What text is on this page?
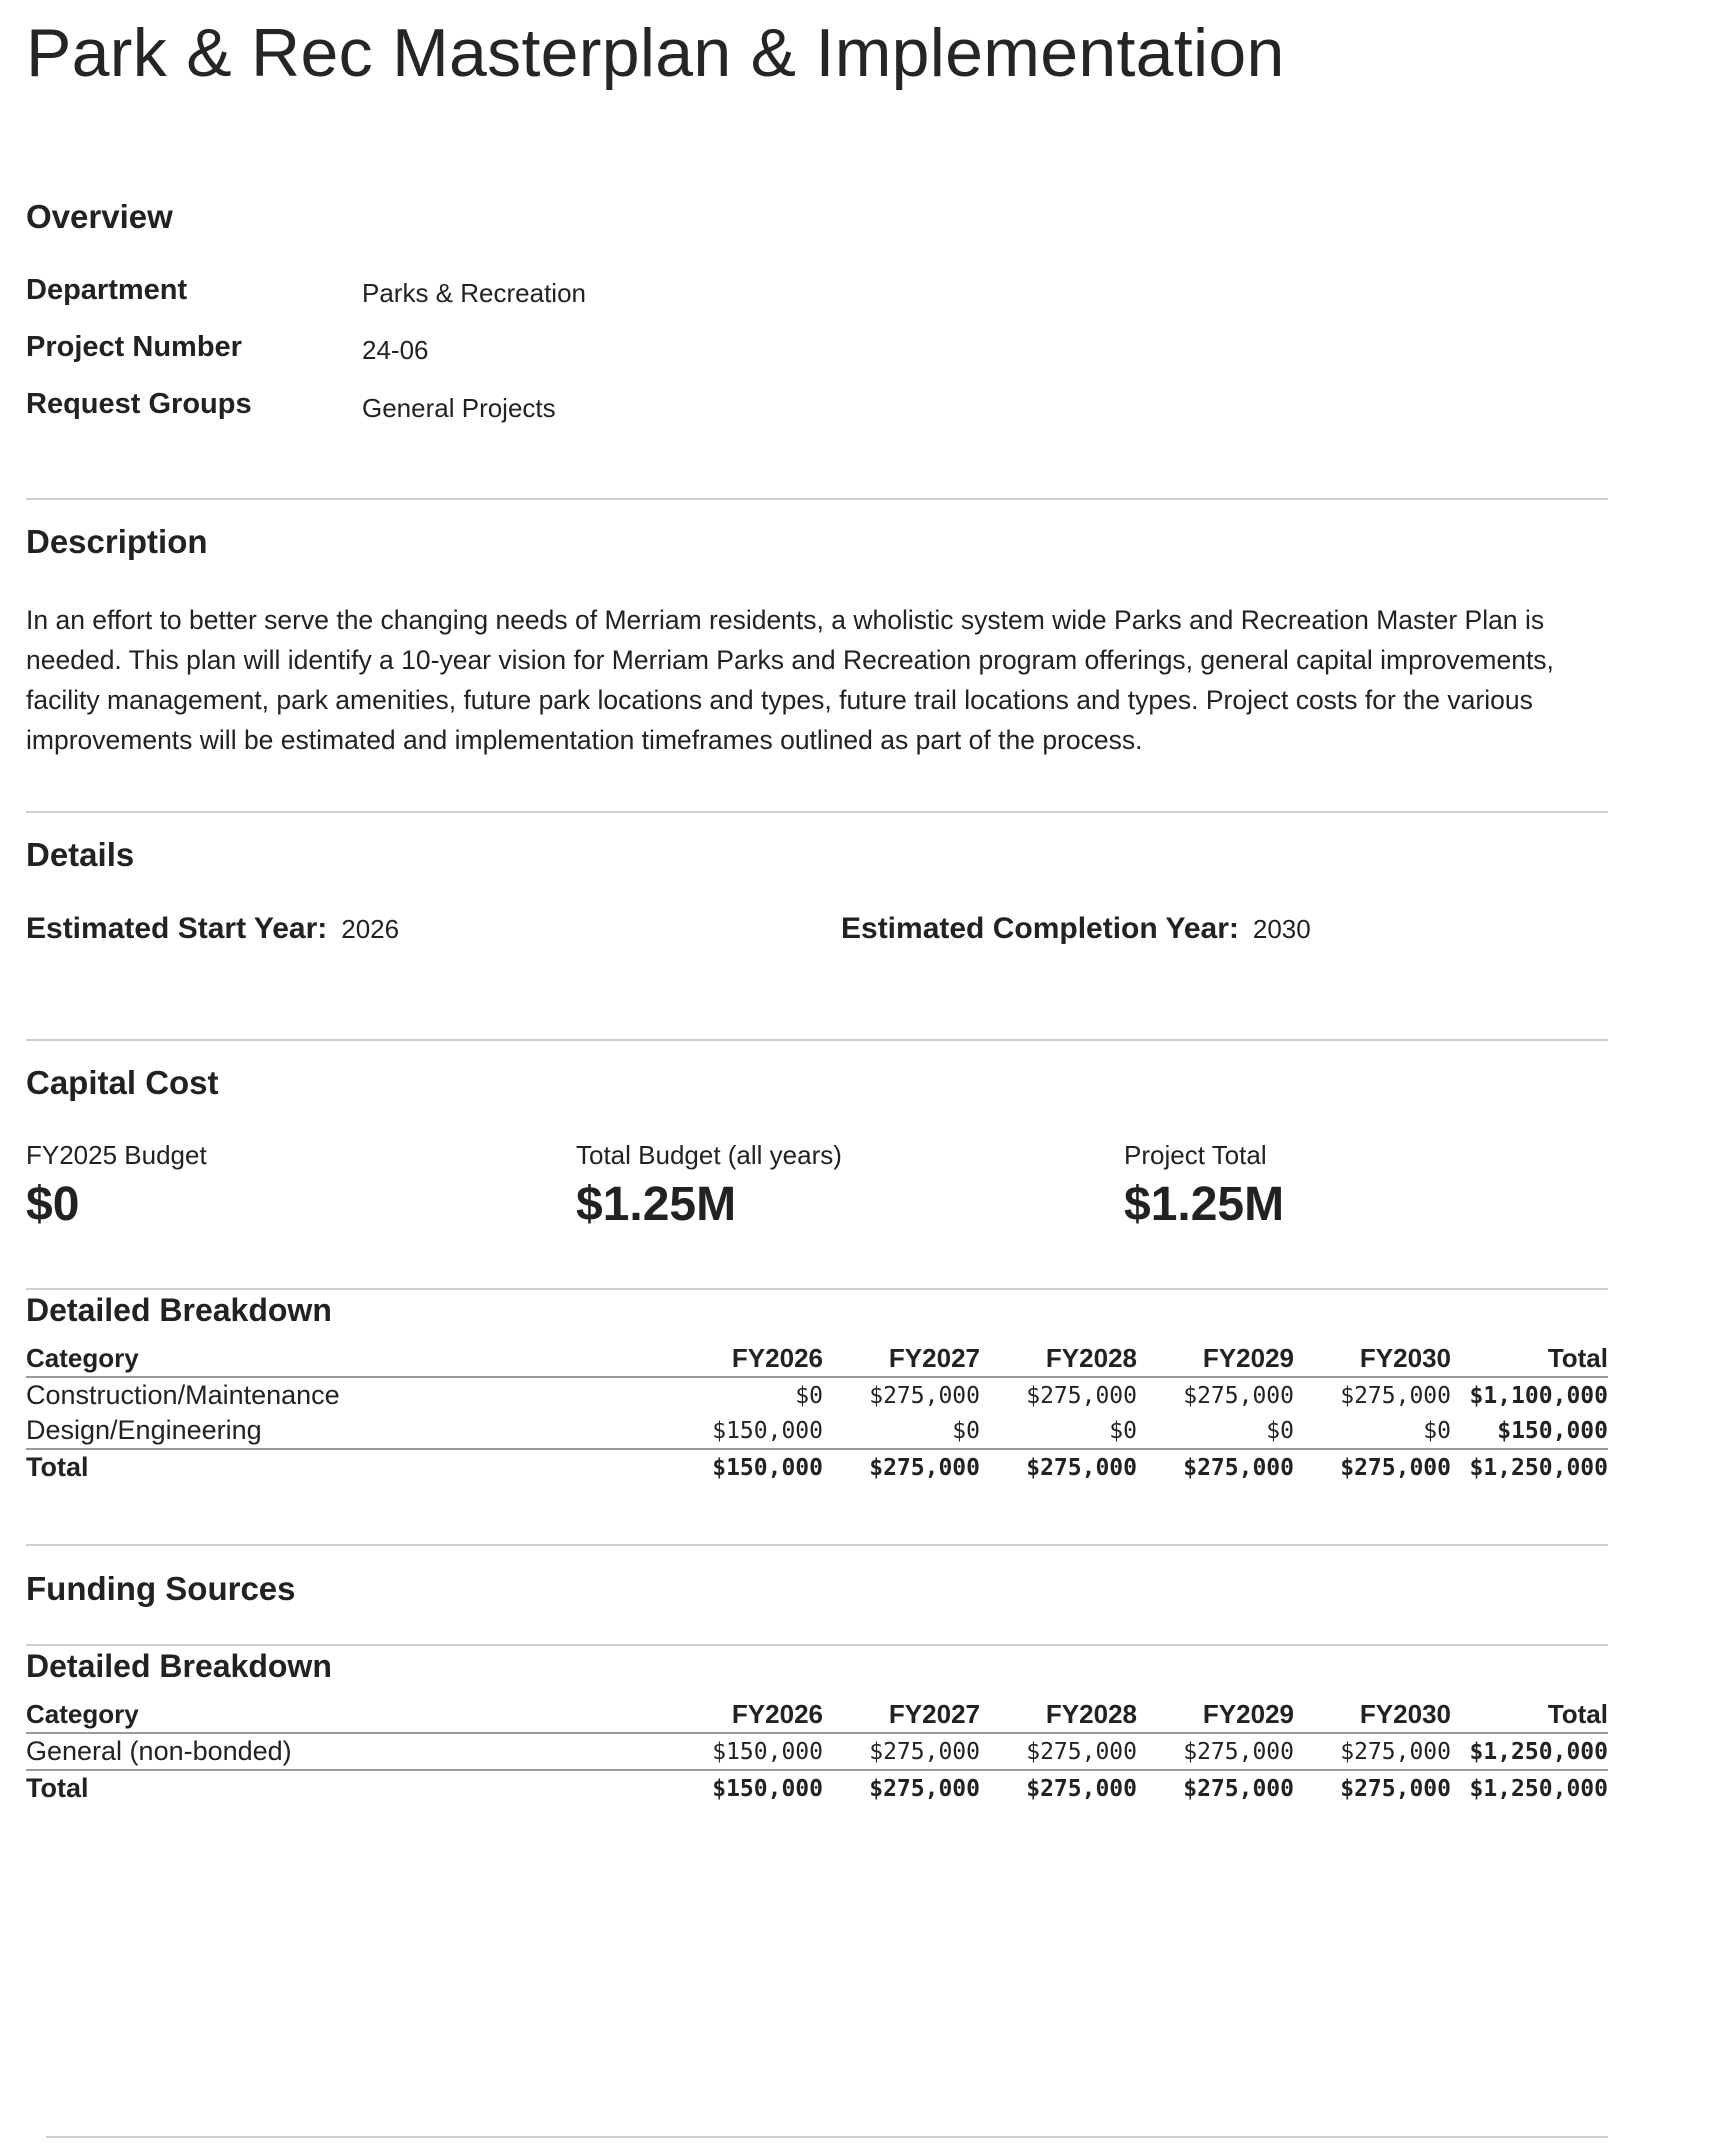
Park & Rec Masterplan & Implementation
Overview
Department	Parks & Recreation
Project Number	24-06
Request Groups	General Projects
Description

In an effort to better serve the changing needs of Merriam residents, a wholistic system wide Parks and Recreation Master Plan is needed. This plan will identify a 10-year vision for Merriam Parks and Recreation program offerings, general capital improvements, facility management, park amenities, future park locations and types, future trail locations and types. Project costs for the various improvements will be estimated and implementation timeframes outlined as part of the process.

Details
Estimated Start Year: 2026	Estimated Completion Year: 2030
Capital Cost
FY2025 Budget
$0
Total Budget (all years)
$1.25M
Project Total
$1.25M
Detailed Breakdown
Category	FY2026	FY2027	FY2028	FY2029	FY2030	Total
Construction/Maintenance	$0	$275,000	$275,000	$275,000	$275,000	$1,100,000
Design/Engineering	$150,000	$0	$0	$0	$0	$150,000
Total	$150,000	$275,000	$275,000	$275,000	$275,000	$1,250,000
Funding Sources
Detailed Breakdown
Category	FY2026	FY2027	FY2028	FY2029	FY2030	Total
General (non-bonded)	$150,000	$275,000	$275,000	$275,000	$275,000	$1,250,000
Total	$150,000	$275,000	$275,000	$275,000	$275,000	$1,250,000
